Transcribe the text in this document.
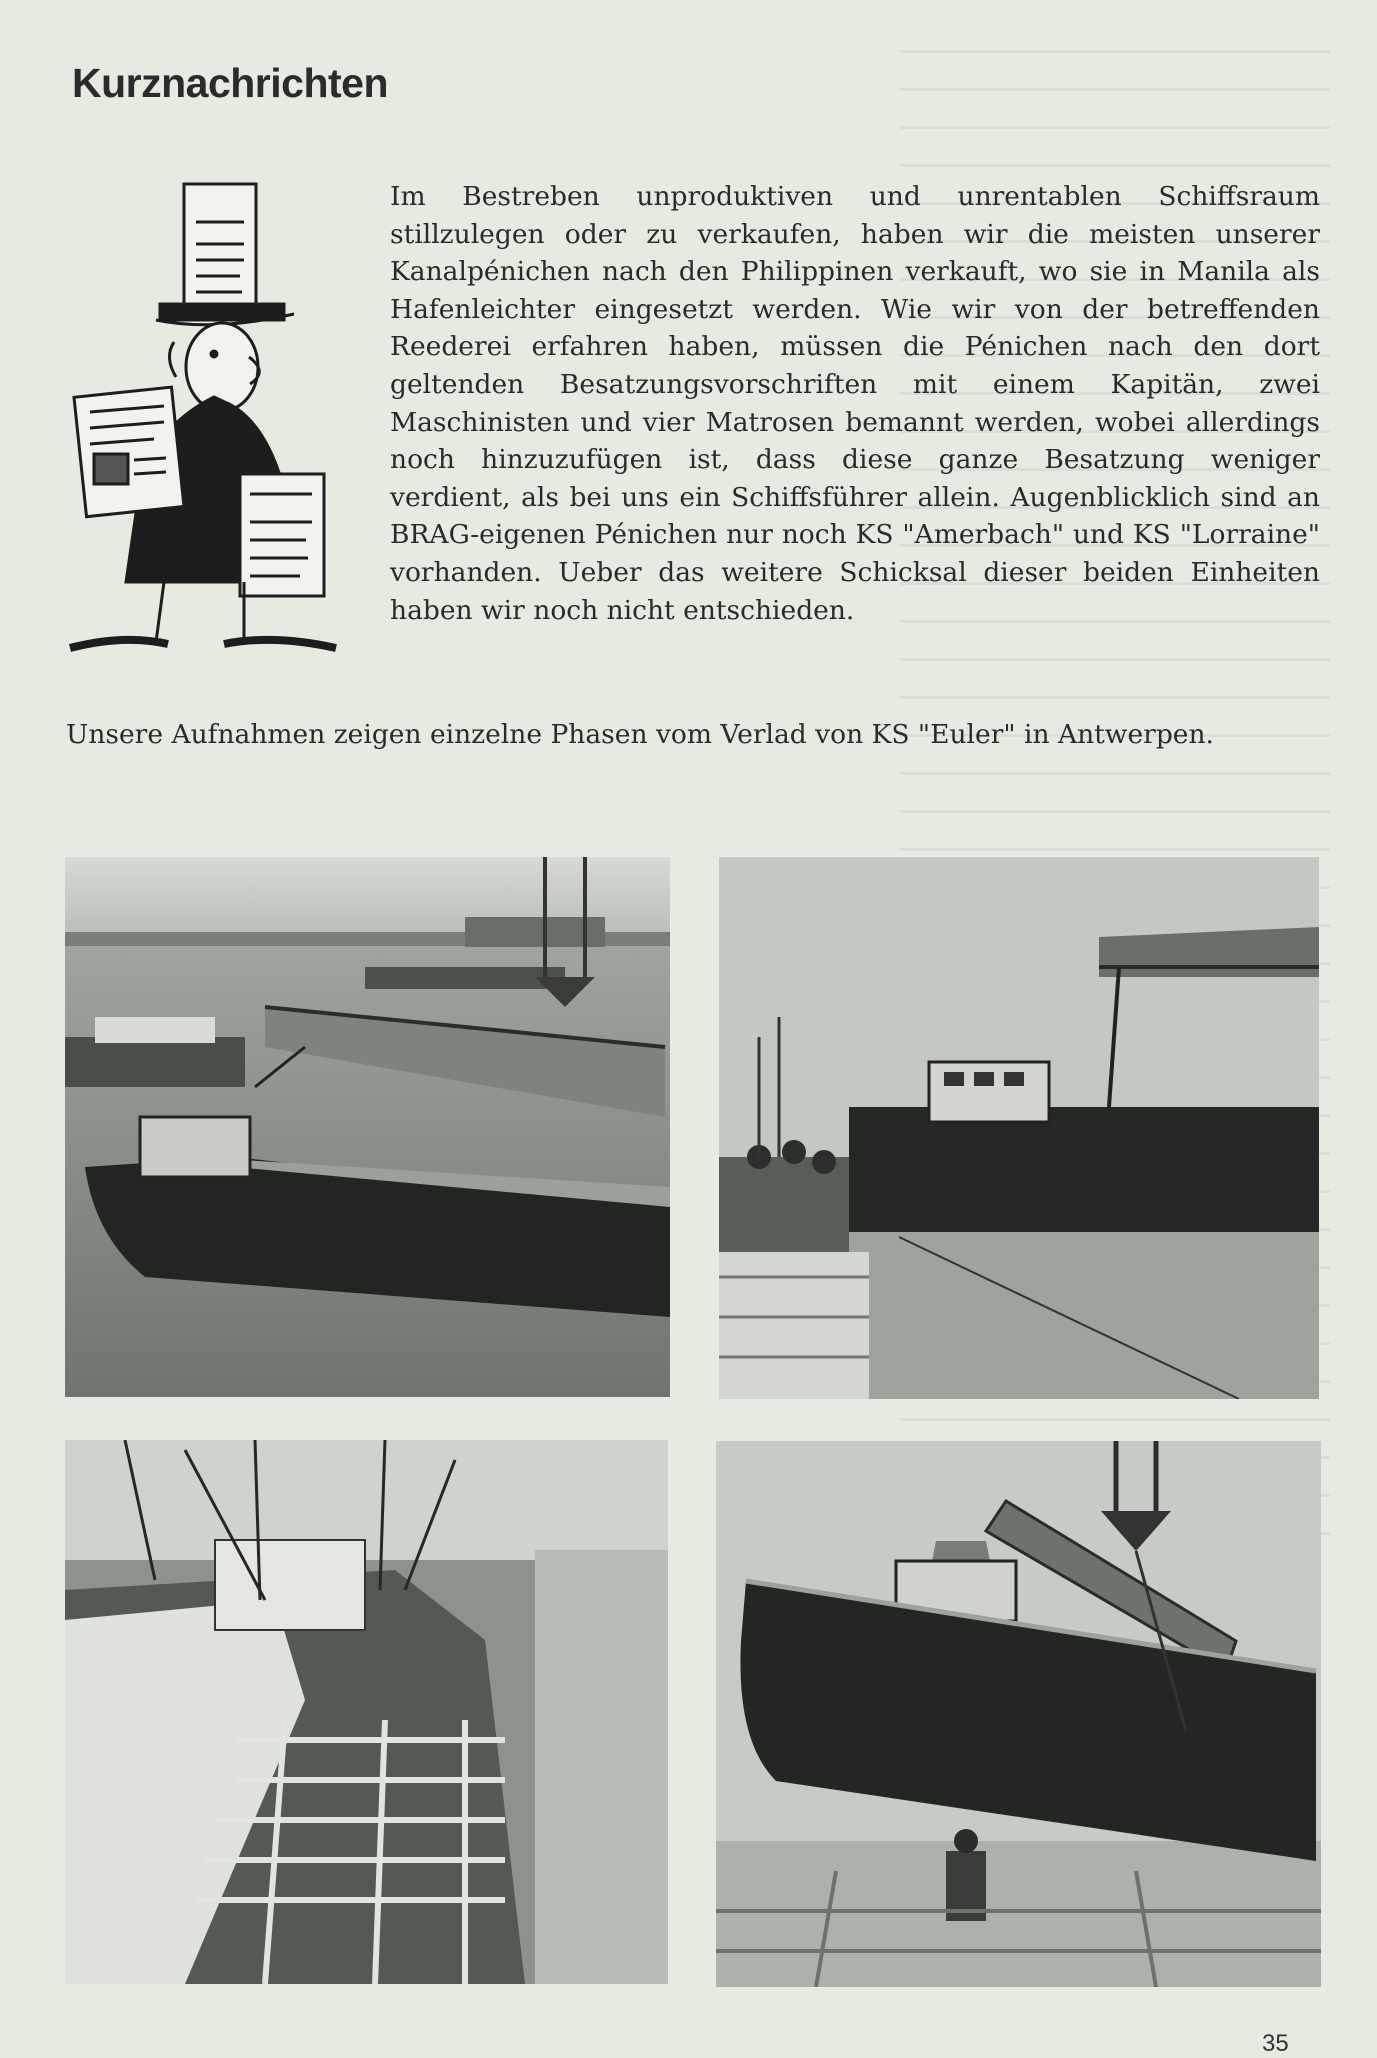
Kurznachrichten

Im Bestreben unproduktiven und unrentablen Schiffsraum stillzulegen oder zu verkaufen, haben wir die meisten unserer Kanalpénichen nach den Philippinen verkauft, wo sie in Manila als Hafenleichter eingesetzt werden. Wie wir von der betreffenden Reederei erfahren haben, müssen die Pénichen nach den dort geltenden Besatzungsvorschriften mit einem Kapitän, zwei Maschinisten und vier Matrosen bemannt werden, wobei allerdings noch hinzuzufügen ist, dass diese ganze Besatzung weniger verdient, als bei uns ein Schiffsführer allein. Augenblicklich sind an BRAG-eigenen Pénichen nur noch KS "Amerbach" und KS "Lorraine" vorhanden. Ueber das weitere Schicksal dieser beiden Einheiten haben wir noch nicht entschieden.

Unsere Aufnahmen zeigen einzelne Phasen vom Verlad von KS "Euler" in Antwerpen.

35
